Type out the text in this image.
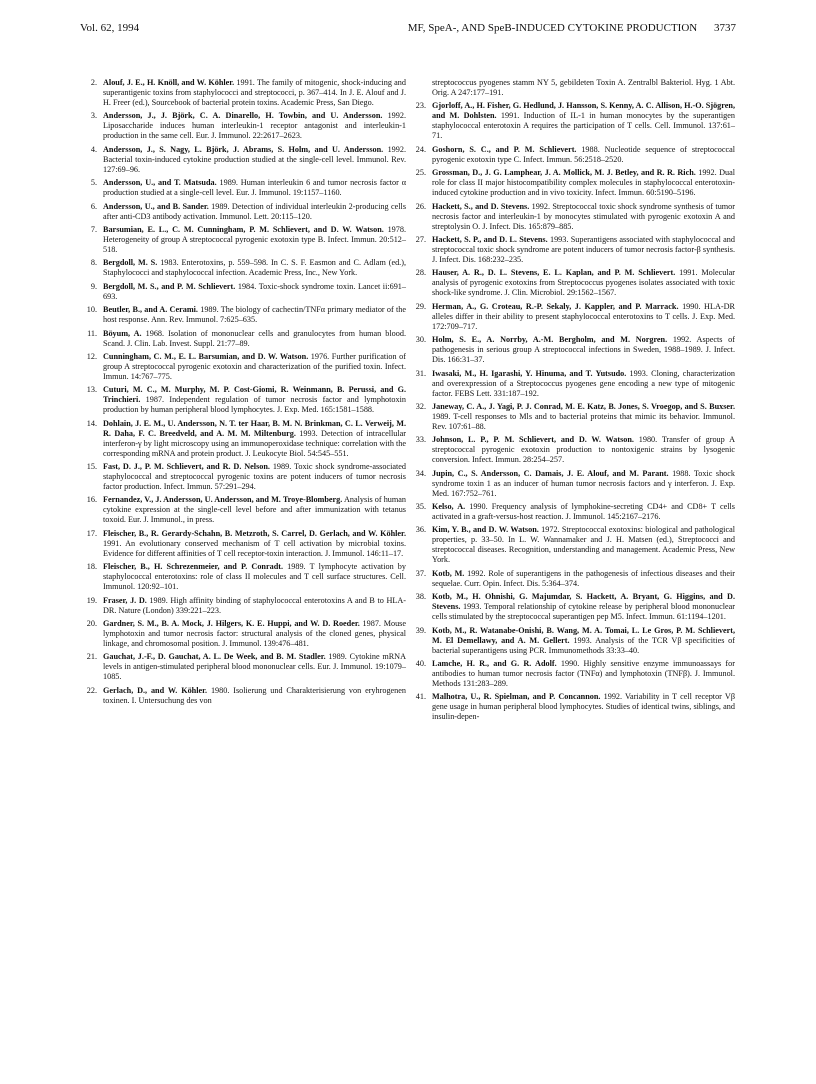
Vol. 62, 1994	MF, SpeA-, AND SpeB-INDUCED CYTOKINE PRODUCTION 3737
2. Alouf, J. E., H. Knöll, and W. Köhler. 1991. The family of mitogenic, shock-inducing and superantigenic toxins from staphylococci and streptococci, p. 367–414. In J. E. Alouf and J. H. Freer (ed.), Sourcebook of bacterial protein toxins. Academic Press, San Diego.
3. Andersson, J., J. Björk, C. A. Dinarello, H. Towbin, and U. Andersson. 1992. Liposaccharide induces human interleukin-1 receptor antagonist and interleukin-1 production in the same cell. Eur. J. Immunol. 22:2617–2623.
4. Andersson, J., S. Nagy, L. Björk, J. Abrams, S. Holm, and U. Andersson. 1992. Bacterial toxin-induced cytokine production studied at the single-cell level. Immunol. Rev. 127:69–96.
5. Andersson, U., and T. Matsuda. 1989. Human interleukin 6 and tumor necrosis factor α production studied at a single-cell level. Eur. J. Immunol. 19:1157–1160.
6. Andersson, U., and B. Sander. 1989. Detection of individual interleukin 2-producing cells after anti-CD3 antibody activation. Immunol. Lett. 20:115–120.
7. Barsumian, E. L., C. M. Cunningham, P. M. Schlievert, and D. W. Watson. 1978. Heterogeneity of group A streptococcal pyrogenic exotoxin type B. Infect. Immun. 20:512–518.
8. Bergdoll, M. S. 1983. Enterotoxins, p. 559–598. In C. S. F. Easmon and C. Adlam (ed.), Staphylococci and staphylococcal infection. Academic Press, Inc., New York.
9. Bergdoll, M. S., and P. M. Schlievert. 1984. Toxic-shock syndrome toxin. Lancet ii:691–693.
10. Beutler, B., and A. Cerami. 1989. The biology of cachectin/TNFα primary mediator of the host response. Ann. Rev. Immunol. 7:625–635.
11. Böyum, A. 1968. Isolation of mononuclear cells and granulocytes from human blood. Scand. J. Clin. Lab. Invest. Suppl. 21:77–89.
12. Cunningham, C. M., E. L. Barsumian, and D. W. Watson. 1976. Further purification of group A streptococcal pyrogenic exotoxin and characterization of the purified toxin. Infect. Immun. 14:767–775.
13. Cuturi, M. C., M. Murphy, M. P. Cost-Giomi, R. Weinmann, B. Perussi, and G. Trinchieri. 1987. Independent regulation of tumor necrosis factor and lymphotoxin production by human peripheral blood lymphocytes. J. Exp. Med. 165:1581–1588.
14. Dohlain, J. E. M., U. Andersson, N. T. ter Haar, B. M. N. Brinkman, C. L. Verweij, M. R. Daha, F. C. Breedveld, and A. M. M. Miltenburg. 1993. Detection of intracellular interferon-γ by light microscopy using an immunoperoxidase technique: correlation with the corresponding mRNA and protein product. J. Leukocyte Biol. 54:545–551.
15. Fast, D. J., P. M. Schlievert, and R. D. Nelson. 1989. Toxic shock syndrome-associated staphylococcal and streptococcal pyrogenic toxins are potent inducers of tumor necrosis factor production. Infect. Immun. 57:291–294.
16. Fernandez, V., J. Andersson, U. Andersson, and M. Troye-Blomberg. Analysis of human cytokine expression at the single-cell level before and after immunization with tetanus toxoid. Eur. J. Immunol., in press.
17. Fleischer, B., R. Gerardy-Schahn, B. Metzroth, S. Carrel, D. Gerlach, and W. Köhler. 1991. An evolutionary conserved mechanism of T cell activation by microbial toxins. Evidence for different affinities of T cell receptor-toxin interaction. J. Immunol. 146:11–17.
18. Fleischer, B., H. Schrezenmeier, and P. Conradt. 1989. T lymphocyte activation by staphylococcal enterotoxins: role of class II molecules and T cell surface structures. Cell. Immunol. 120:92–101.
19. Fraser, J. D. 1989. High affinity binding of staphylococcal enterotoxins A and B to HLA-DR. Nature (London) 339:221–223.
20. Gardner, S. M., B. A. Mock, J. Hilgers, K. E. Huppi, and W. D. Roeder. 1987. Mouse lymphotoxin and tumor necrosis factor: structural analysis of the cloned genes, physical linkage, and chromosomal position. J. Immunol. 139:476–481.
21. Gauchat, J.-F., D. Gauchat, A. L. De Week, and B. M. Stadler. 1989. Cytokine mRNA levels in antigen-stimulated peripheral blood mononuclear cells. Eur. J. Immunol. 19:1079–1085.
22. Gerlach, D., and W. Köhler. 1980. Isolierung und Charakterisierung von eryhrogenen toxinen. I. Untersuchung des von
streptococcus pyogenes stamm NY 5, gebildeten Toxin A. Zentralbl Bakteriol. Hyg. 1 Abt. Orig. A 247:177–191.
23. Gjorloff, A., H. Fisher, G. Hedlund, J. Hansson, S. Kenny, A. C. Allison, H.-O. Sjögren, and M. Dohlsten. 1991. Induction of IL-1 in human monocytes by the superantigen staphylococcal enterotoxin A requires the participation of T cells. Cell. Immunol. 137:61–71.
24. Goshorn, S. C., and P. M. Schlievert. 1988. Nucleotide sequence of streptococcal pyrogenic exotoxin type C. Infect. Immun. 56:2518–2520.
25. Grossman, D., J. G. Lamphear, J. A. Mollick, M. J. Betley, and R. R. Rich. 1992. Dual role for class II major histocompatibility complex molecules in staphylococcal enterotoxin-induced cytokine production and in vivo toxicity. Infect. Immun. 60:5190–5196.
26. Hackett, S., and D. Stevens. 1992. Streptococcal toxic shock syndrome synthesis of tumor necrosis factor and interleukin-1 by monocytes stimulated with pyrogenic exotoxin A and streptolysin O. J. Infect. Dis. 165:879–885.
27. Hackett, S. P., and D. L. Stevens. 1993. Superantigens associated with staphylococcal and streptococcal toxic shock syndrome are potent inducers of tumor necrosis factor-β synthesis. J. Infect. Dis. 168:232–235.
28. Hauser, A. R., D. L. Stevens, E. L. Kaplan, and P. M. Schlievert. 1991. Molecular analysis of pyrogenic exotoxins from Streptococcus pyogenes isolates associated with toxic shock-like syndrome. J. Clin. Microbiol. 29:1562–1567.
29. Herman, A., G. Croteau, R.-P. Sekaly, J. Kappler, and P. Marrack. 1990. HLA-DR alleles differ in their ability to present staphylococcal enterotoxins to T cells. J. Exp. Med. 172:709–717.
30. Holm, S. E., A. Norrby, A.-M. Bergholm, and M. Norgren. 1992. Aspects of pathogenesis in serious group A streptococcal infections in Sweden, 1988–1989. J. Infect. Dis. 166:31–37.
31. Iwasaki, M., H. Igarashi, Y. Hinuma, and T. Yutsudo. 1993. Cloning, characterization and overexpression of a Streptococcus pyogenes gene encoding a new type of mitogenic factor. FEBS Lett. 331:187–192.
32. Janeway, C. A., J. Yagi, P. J. Conrad, M. E. Katz, B. Jones, S. Vroegop, and S. Buxser. 1989. T-cell responses to Mls and to bacterial proteins that mimic its behavior. Immunol. Rev. 107:61–88.
33. Johnson, L. P., P. M. Schlievert, and D. W. Watson. 1980. Transfer of group A streptococcal pyrogenic exotoxin production to nontoxigenic strains by lysogenic conversion. Infect. Immun. 28:254–257.
34. Jupin, C., S. Andersson, C. Damais, J. E. Alouf, and M. Parant. 1988. Toxic shock syndrome toxin 1 as an inducer of human tumor necrosis factors and γ interferon. J. Exp. Med. 167:752–761.
35. Kelso, A. 1990. Frequency analysis of lymphokine-secreting CD4+ and CD8+ T cells activated in a graft-versus-host reaction. J. Immunol. 145:2167–2176.
36. Kim, Y. B., and D. W. Watson. 1972. Streptococcal exotoxins: biological and pathological properties, p. 33–50. In L. W. Wannamaker and J. H. Matsen (ed.), Streptococci and streptococcal diseases. Recognition, understanding and management. Academic Press, New York.
37. Kotb, M. 1992. Role of superantigens in the pathogenesis of infectious diseases and their sequelae. Curr. Opin. Infect. Dis. 5:364–374.
38. Kotb, M., H. Ohnishi, G. Majumdar, S. Hackett, A. Bryant, G. Higgins, and D. Stevens. 1993. Temporal relationship of cytokine release by peripheral blood mononuclear cells stimulated by the streptococcal superantigen pep M5. Infect. Immun. 61:1194–1201.
39. Kotb, M., R. Watanabe-Onishi, B. Wang, M. A. Tomai, L. Le Gros, P. M. Schlievert, M. El Demellawy, and A. M. Gellert. 1993. Analysis of the TCR Vβ specificities of bacterial superantigens using PCR. Immunomethods 33:33–40.
40. Lamche, H. R., and G. R. Adolf. 1990. Highly sensitive enzyme immunoassays for antibodies to human tumor necrosis factor (TNFα) and lymphotoxin (TNFβ). J. Immunol. Methods 131:283–289.
41. Malhotra, U., R. Spielman, and P. Concannon. 1992. Variability in T cell receptor Vβ gene usage in human peripheral blood lymphocytes. Studies of identical twins, siblings, and insulin-depen-
